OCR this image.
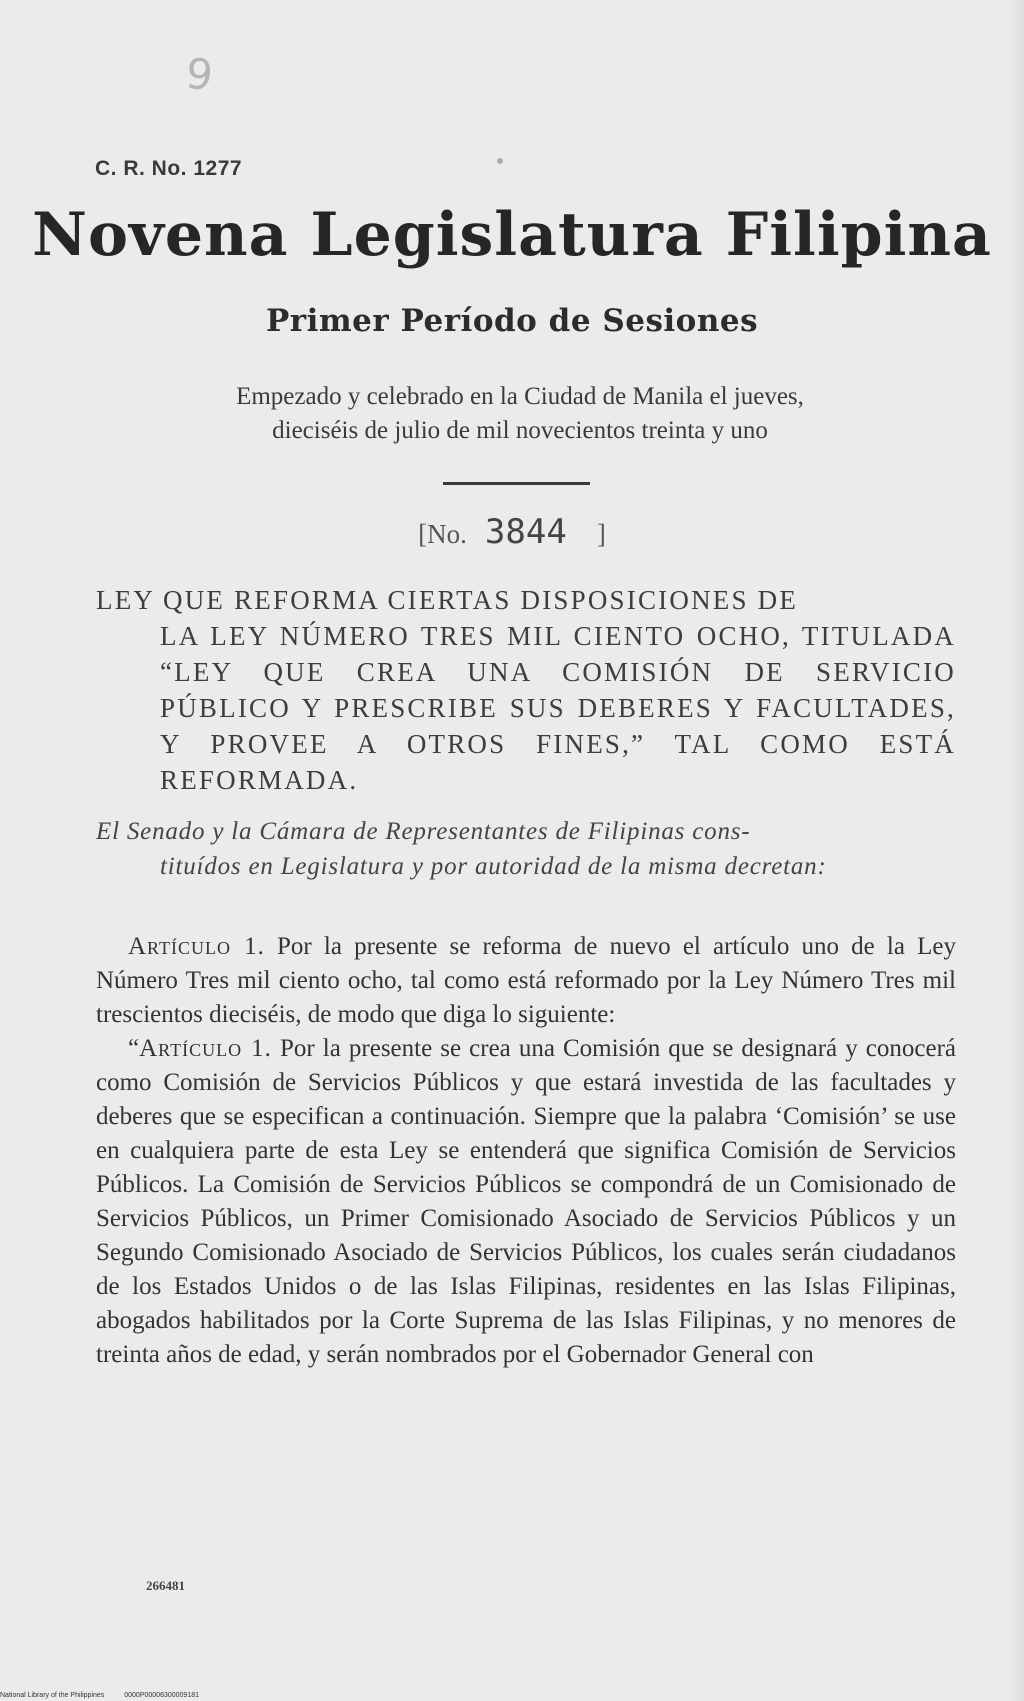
9
C. R. No. 1277
Novena Legislatura Filipina
Primer Período de Sesiones
Empezado y celebrado en la Ciudad de Manila el jueves,
dieciséis de julio de mil novecientos treinta y uno
[No. 3844 ]
LEY QUE REFORMA CIERTAS DISPOSICIONES DE
LA LEY NÚMERO TRES MIL CIENTO OCHO, TITULADA “LEY QUE CREA UNA COMISIÓN DE SERVICIO PÚBLICO Y PRESCRIBE SUS DEBERES Y FACULTADES, Y PROVEE A OTROS FINES,” TAL COMO ESTÁ REFORMADA.
El Senado y la Cámara de Representantes de Filipinas cons-
tituídos en Legislatura y por autoridad de la misma decretan:

Artículo 1. Por la presente se reforma de nuevo el artículo uno de la Ley Número Tres mil ciento ocho, tal como está reformado por la Ley Número Tres mil trescientos dieciséis, de modo que diga lo siguiente:

“Artículo 1. Por la presente se crea una Comisión que se designará y conocerá como Comisión de Servicios Públicos y que estará investida de las facultades y deberes que se especifican a continuación. Siempre que la palabra ‘Comisión’ se use en cualquiera parte de esta Ley se entenderá que significa Comisión de Servicios Públicos. La Comisión de Servicios Públicos se compondrá de un Comisionado de Servicios Públicos, un Primer Comisionado Asociado de Servicios Públicos y un Segundo Comisionado Asociado de Servicios Públicos, los cuales serán ciudadanos de los Estados Unidos o de las Islas Filipinas, residentes en las Islas Filipinas, abogados habilitados por la Corte Suprema de las Islas Filipinas, y no menores de treinta años de edad, y serán nombrados por el Gobernador General con

266481
National Library of the Philippines	0000P00006300009181
